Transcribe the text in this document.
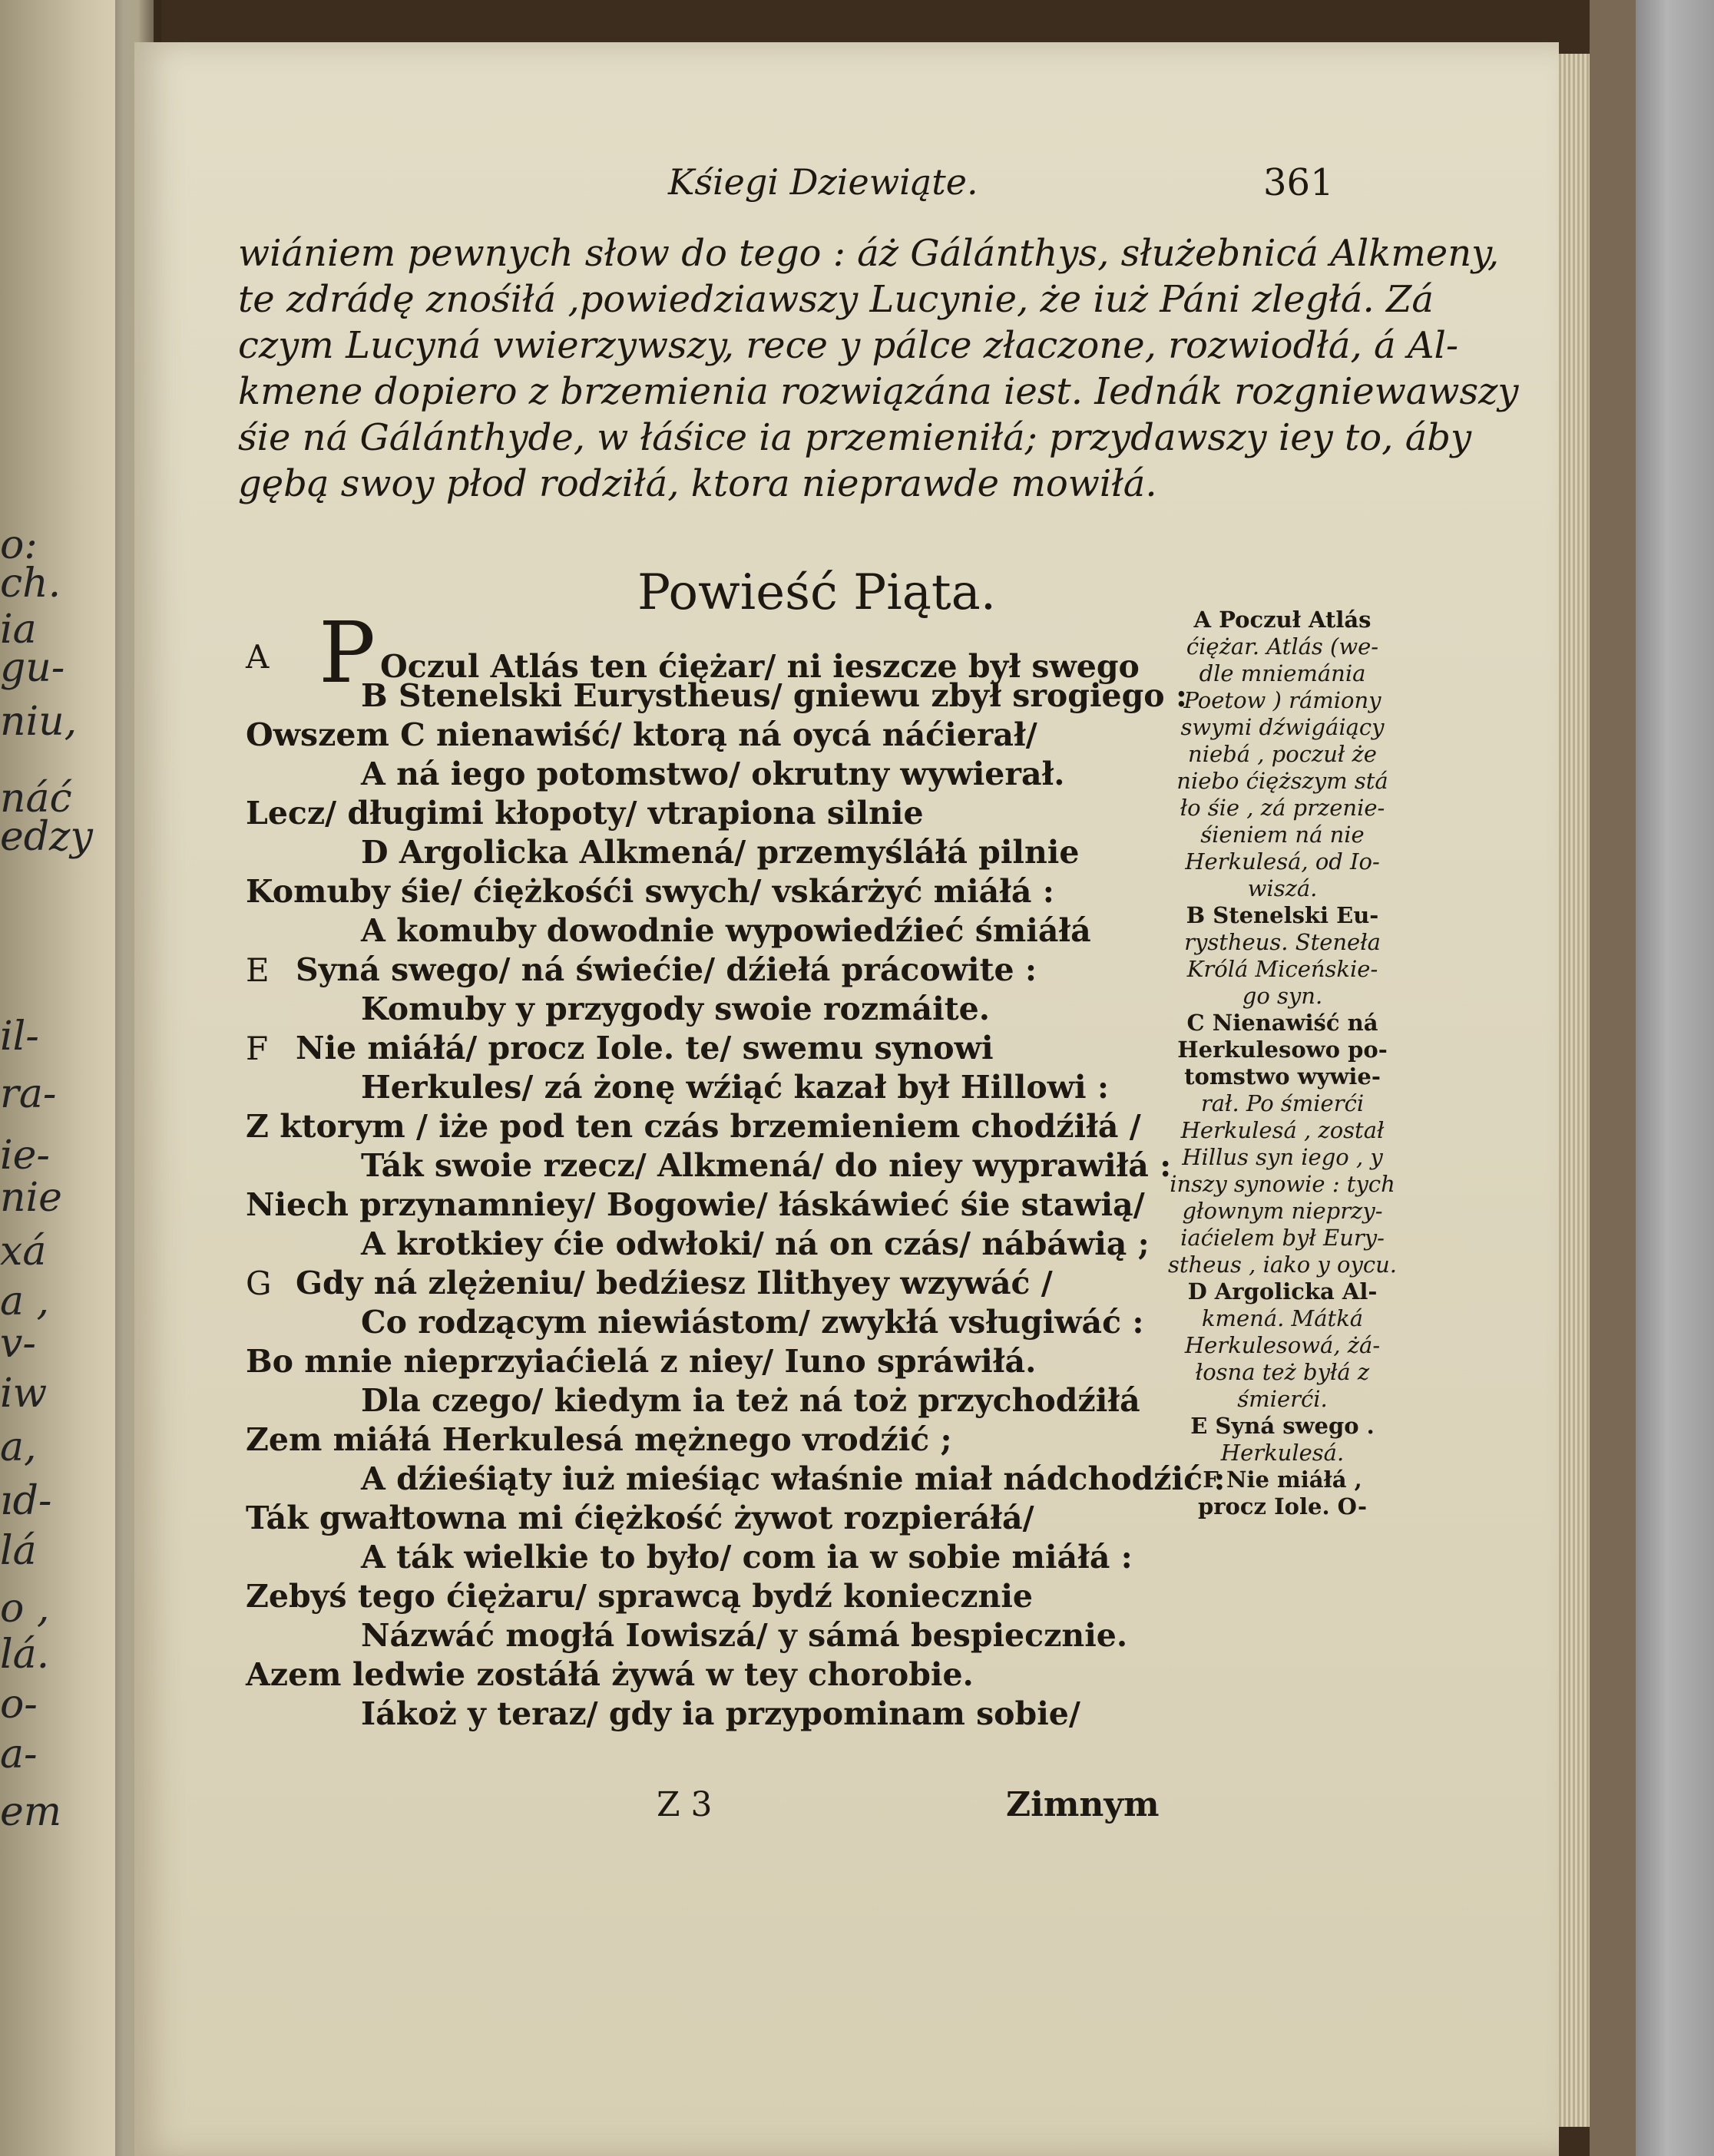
o:
ch.
ia
gu-
niu,
náć
edzy
il-
ra-
ie-
nie
xá
a ,
v-
iw
a,
ıd-
lá
o ,
lá.
o-
a-
em
Kśiegi Dziewiąte.	361
wiániem pewnych słow do tego : áż Gálánthys, służebnicá Alkmeny,
te zdrádę znośiłá ,powiedziawszy Lucynie, że iuż Páni zległá. Zá
czym Lucyná vwierzywszy, rece y pálce złaczone, rozwiodłá, á Al-
kmene dopiero z brzemienia rozwiązána iest. Iednák rozgniewawszy
śie ná Gálánthyde, w łáśice ia przemieniłá; przydawszy iey to, áby
gębą swoy płod rodziłá, ktora nieprawde mowiłá.
Powieść Piąta.
A P Oczul Atlás ten ćiężar/ ni ieszcze był swego
B Stenelski Eurystheus/ gniewu zbył srogiego :
Owszem C nienawiść/ ktorą ná oycá náćierał/
A ná iego potomstwo/ okrutny wywierał.
Lecz/ długimi kłopoty/ vtrapiona silnie
D Argolicka Alkmená/ przemyśláłá pilnie
Komuby śie/ ćiężkośći swych/ vskárżyć miáłá :
A komuby dowodnie wypowiedźieć śmiáłá
E Syná swego/ ná świećie/ dźiełá prácowite :
Komuby y przygody swoie rozmáite.
F Nie miáłá/ procz Iole. te/ swemu synowi
Herkules/ zá żonę wźiąć kazał był Hillowi :
Z ktorym / iże pod ten czás brzemieniem chodźiłá /
Ták swoie rzecz/ Alkmená/ do niey wyprawiłá :
Niech przynamniey/ Bogowie/ łáskáwieć śie stawią/
A krotkiey ćie odwłoki/ ná on czás/ nábáwią ;
G Gdy ná zlężeniu/ bedźiesz Ilithyey wzywáć /
Co rodzącym niewiástom/ zwykłá vsługiwáć :
Bo mnie nieprzyiaćielá z niey/ Iuno spráwiłá.
Dla czego/ kiedym ia też ná toż przychodźiłá
Zem miáłá Herkulesá mężnego vrodźić ;
A dźieśiąty iuż mieśiąc właśnie miał nádchodźić :
Ták gwałtowna mi ćiężkość żywot rozpieráłá/
A ták wielkie to było/ com ia w sobie miáłá :
Zebyś tego ćiężaru/ sprawcą bydź koniecznie
Názwáć mogłá Iowiszá/ y sámá bespiecznie.
Azem ledwie zostáłá żywá w tey chorobie.
Iákoż y teraz/ gdy ia przypominam sobie/
Z 3	Zimnym
A Poczuł Atlás
ćiężar. Atlás (we-
dle mniemánia
Poetow ) rámiony
swymi dźwigáiący
niebá , poczuł że
niebo ćięższym stá
ło śie , zá przenie-
śieniem ná nie
Herkulesá, od Io-
wiszá.
B Stenelski Eu-
rystheus. Steneła
Królá Miceńskie-
go syn.
C Nienawiść ná
Herkulesowo po-
tomstwo wywie-
rał. Po śmierći
Herkulesá , został
Hillus syn iego , y
inszy synowie : tych
głownym nieprzy-
iaćielem był Eury-
stheus , iako y oycu.
D Argolicka Al-
kmená. Mátká
Herkulesowá, żá-
łosna też byłá z
śmierći.
E Syná swego .
Herkulesá.
F Nie miáłá ,
procz Iole. O-
